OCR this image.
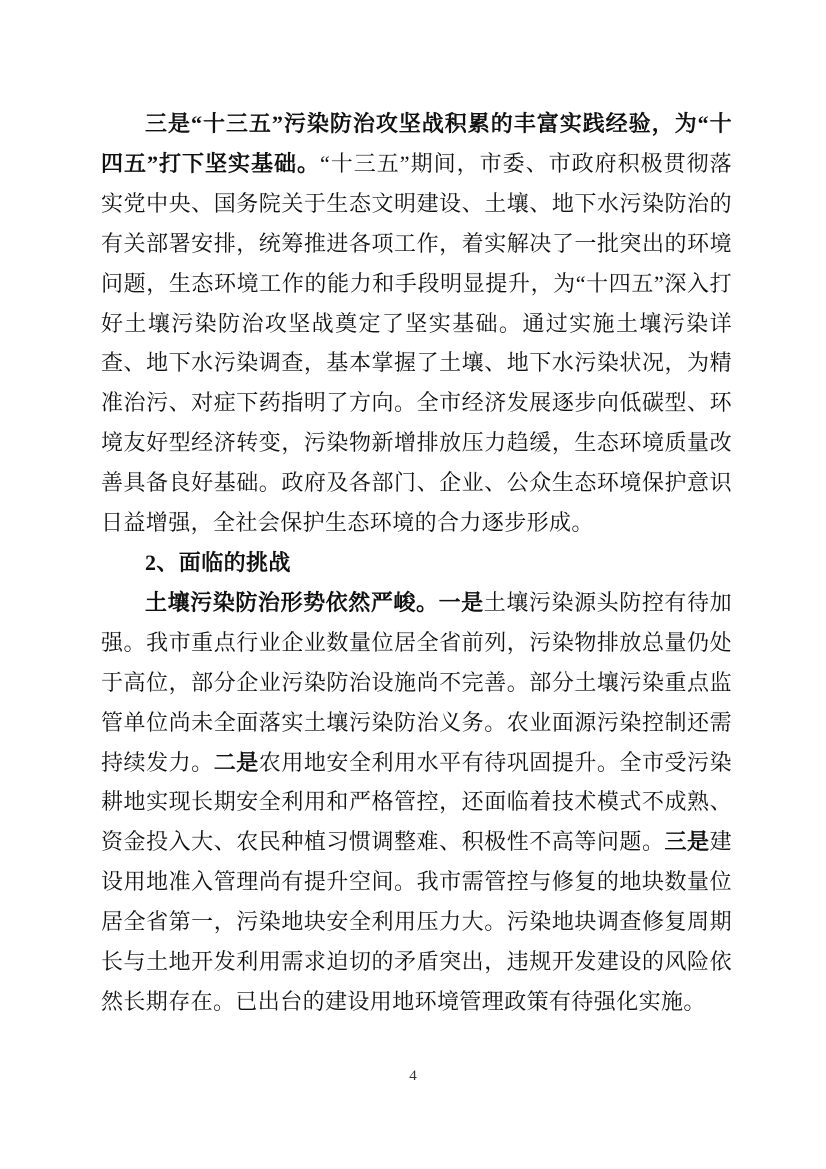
三是“十三五”污染防治攻坚战积累的丰富实践经验，为“十四五”打下坚实基础。“十三五”期间，市委、市政府积极贯彻落实党中央、国务院关于生态文明建设、土壤、地下水污染防治的有关部署安排，统筹推进各项工作，着实解决了一批突出的环境问题，生态环境工作的能力和手段明显提升，为“十四五”深入打好土壤污染防治攻坚战奠定了坚实基础。通过实施土壤污染详查、地下水污染调查，基本掌握了土壤、地下水污染状况，为精准治污、对症下药指明了方向。全市经济发展逐步向低碳型、环境友好型经济转变，污染物新增排放压力趋缓，生态环境质量改善具备良好基础。政府及各部门、企业、公众生态环境保护意识日益增强，全社会保护生态环境的合力逐步形成。

2、面临的挑战

土壤污染防治形势依然严峻。一是土壤污染源头防控有待加强。我市重点行业企业数量位居全省前列，污染物排放总量仍处于高位，部分企业污染防治设施尚不完善。部分土壤污染重点监管单位尚未全面落实土壤污染防治义务。农业面源污染控制还需持续发力。二是农用地安全利用水平有待巩固提升。全市受污染耕地实现长期安全利用和严格管控，还面临着技术模式不成熟、资金投入大、农民种植习惯调整难、积极性不高等问题。三是建设用地准入管理尚有提升空间。我市需管控与修复的地块数量位居全省第一，污染地块安全利用压力大。污染地块调查修复周期长与土地开发利用需求迫切的矛盾突出，违规开发建设的风险依然长期存在。已出台的建设用地环境管理政策有待强化实施。

4
